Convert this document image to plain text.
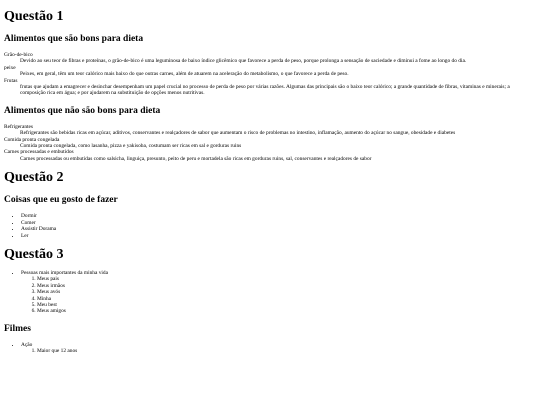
Questão 1
Alimentos que são bons para dieta
Grão-de-bico
Devido ao seu teor de fibras e proteínas, o grão-de-bico é uma leguminosa de baixo índice glicêmico que favorece a perda de peso, porque prolonga a sensação de saciedade e diminui a fome ao longo do dia.
peixe
Peixes, em geral, têm um teor calórico mais baixo do que outras carnes, além de atuarem na aceleração do metabolismo, o que favorece a perda de peso.
Frutas
frutas que ajudam a emagrecer e desinchar desempenham um papel crucial no processo de perda de peso por várias razões. Algumas das principais são o baixo teor calórico; a grande quantidade de fibras, vitaminas e minerais; a composição rica em água; e por ajudarem na substituição de opções menos nutritivas.
Alimentos que não são bons para dieta
Refrigerantes
Refrigerantes são bebidas ricas em açúcar, aditivos, conservantes e realçadores de sabor que aumentam o risco de problemas no intestino, inflamação, aumento do açúcar no sangue, obesidade e diabetes
Comida pronta congelada
Comida pronta congelada, como lasanha, pizza e yakisoba, costumam ser ricas em sal e gorduras ruins
Carnes processadas e embutidos
Carnes processadas ou embutidas como salsicha, linguiça, presunto, peito de peru e mortadela são ricas em gorduras ruins, sal, conservantes e realçadores de sabor
Questão 2
Coisas que eu gosto de fazer
• Dormir
• Comer
• Assistir Dorama
• Ler
Questão 3
• Pessoas mais importantes da minha vida
1. Meus pais
2. Meus irmãos
3. Meus avós
4. Minha
5. Meu best
6. Meus amigos
Filmes
• Ação
1. Maior que 12 anos
